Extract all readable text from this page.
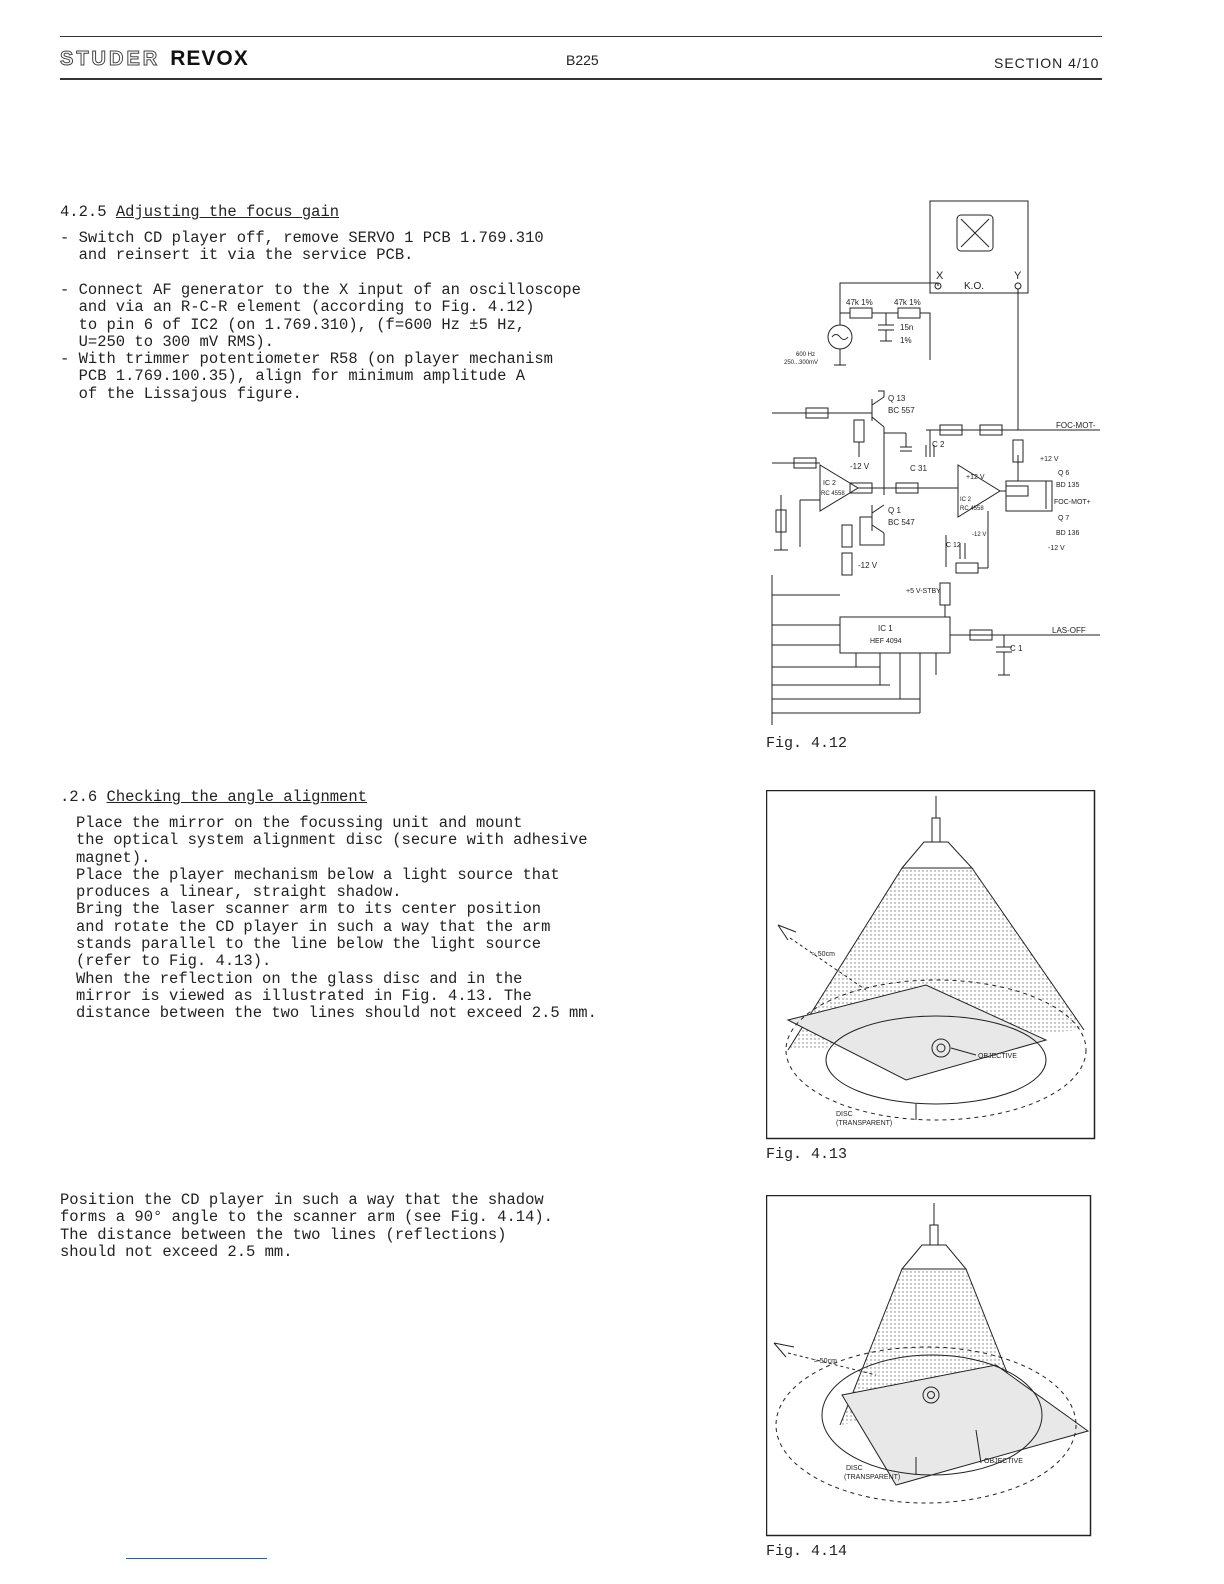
STUDER REVOX	B225	SECTION 4/10
4.2.5 Adjusting the focus gain
- Switch CD player off, remove SERVO 1 PCB 1.769.310
and reinsert it via the service PCB.
- Connect AF generator to the X input of an oscilloscope
and via an R-C-R element (according to Fig. 4.12)
to pin 6 of IC2 (on 1.769.310), (f=600 Hz ±5 Hz,
U=250 to 300 mV RMS).
- With trimmer potentiometer R58 (on player mechanism
PCB 1.769.100.35), align for minimum amplitude A
of the Lissajous figure.
.2.6 Checking the angle alignment
Place the mirror on the focussing unit and mount
the optical system alignment disc (secure with adhesive
magnet).
Place the player mechanism below a light source that
produces a linear, straight shadow.
Bring the laser scanner arm to its center position
and rotate the CD player in such a way that the arm
stands parallel to the line below the light source
(refer to Fig. 4.13).
When the reflection on the glass disc and in the
mirror is viewed as illustrated in Fig. 4.13. The
distance between the two lines should not exceed 2.5 mm.
Position the CD player in such a way that the shadow
forms a 90° angle to the scanner arm (see Fig. 4.14).
The distance between the two lines (reflections)
should not exceed 2.5 mm.
K.O.
X	Y
47k 1%	47k 1%
15n
1%
600 Hz
250...300mV
FOC-MOT-
Q 13
BC 557
-12 V	C 31
IC 2
RC 4558
Q 1
BC 547
-12 V
C 2
IC 2
RC 4558
+12 V
-12 V
Q 6
BD 135
Q 7
BD 136
+12 V
-12 V
FOC-MOT+
C 12
IC 1
HEF 4094
+5 V-STBY
C 1
LAS-OFF
Fig. 4.12
OBJECTIVE
DISC
(TRANSPARENT)
≈ 50cm
Fig. 4.13
OBJECTIVE
DISC
(TRANSPARENT)
≈ 50cm
Fig. 4.14
